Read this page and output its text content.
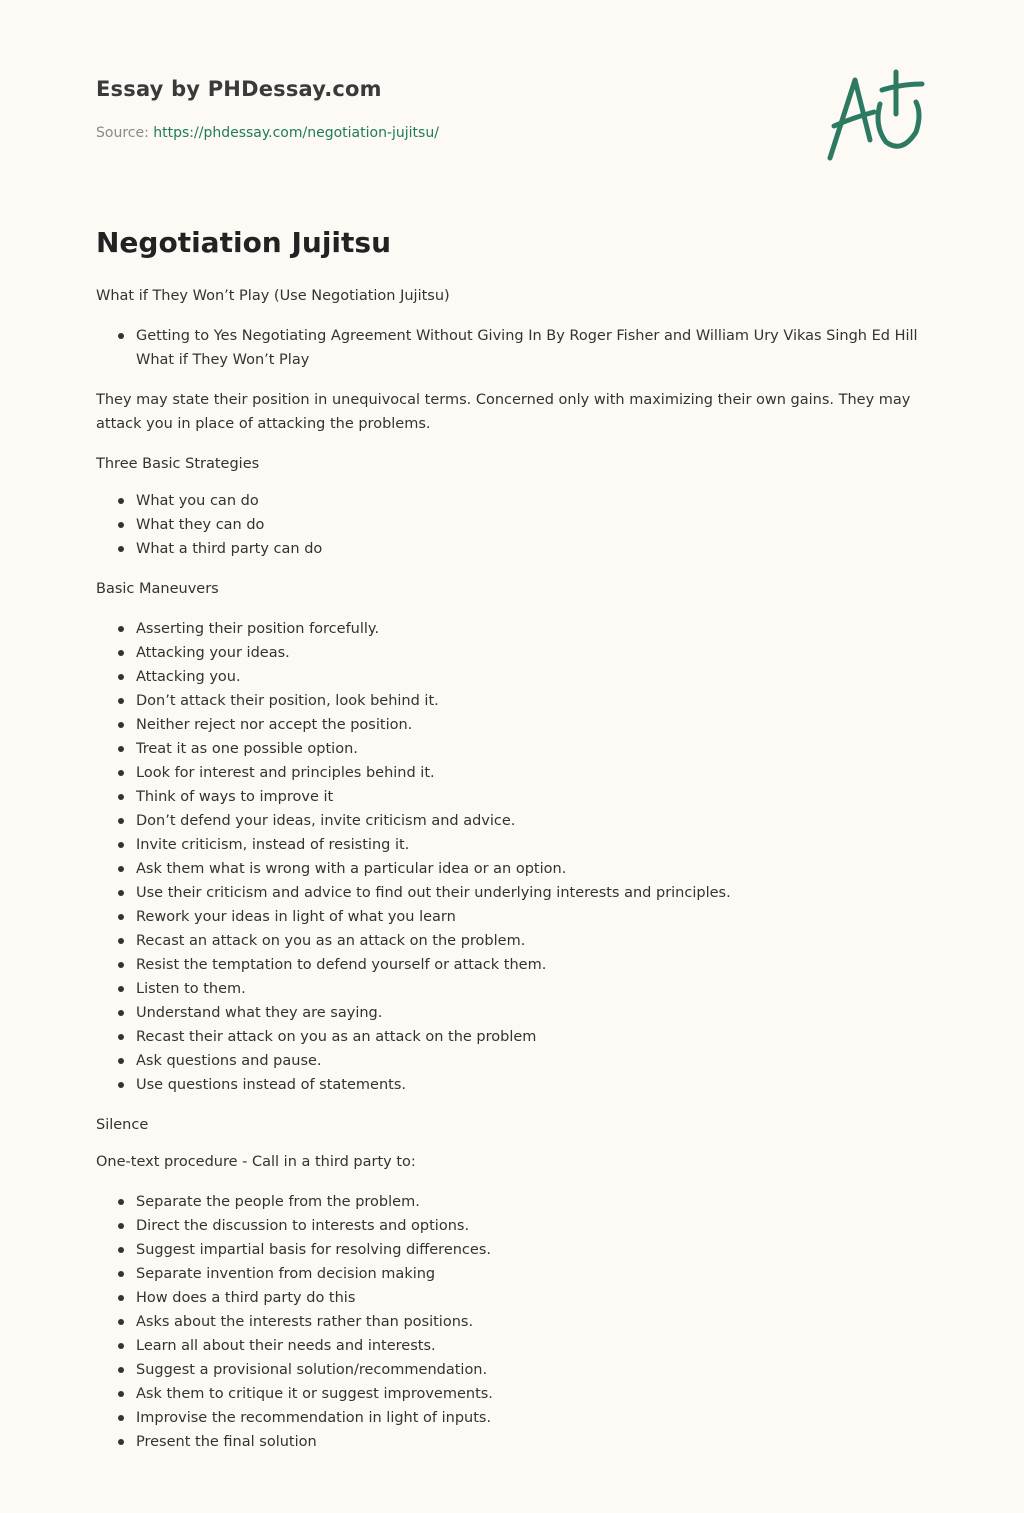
Essay by PHDessay.com
Source: https://phdessay.com/negotiation-jujitsu/
Negotiation Jujitsu

What if They Won’t Play (Use Negotiation Jujitsu)

Getting to Yes Negotiating Agreement Without Giving In By Roger Fisher and William Ury Vikas Singh Ed Hill What if They Won’t Play

They may state their position in unequivocal terms. Concerned only with maximizing their own gains. They may attack you in place of attacking the problems.

Three Basic Strategies

What you can do
What they can do
What a third party can do

Basic Maneuvers

Asserting their position forcefully.
Attacking your ideas.
Attacking you.
Don’t attack their position, look behind it.
Neither reject nor accept the position.
Treat it as one possible option.
Look for interest and principles behind it.
Think of ways to improve it
Don’t defend your ideas, invite criticism and advice.
Invite criticism, instead of resisting it.
Ask them what is wrong with a particular idea or an option.
Use their criticism and advice to find out their underlying interests and principles.
Rework your ideas in light of what you learn
Recast an attack on you as an attack on the problem.
Resist the temptation to defend yourself or attack them.
Listen to them.
Understand what they are saying.
Recast their attack on you as an attack on the problem
Ask questions and pause.
Use questions instead of statements.

Silence

One-text procedure - Call in a third party to:

Separate the people from the problem.
Direct the discussion to interests and options.
Suggest impartial basis for resolving differences.
Separate invention from decision making
How does a third party do this
Asks about the interests rather than positions.
Learn all about their needs and interests.
Suggest a provisional solution/recommendation.
Ask them to critique it or suggest improvements.
Improvise the recommendation in light of inputs.
Present the final solution
